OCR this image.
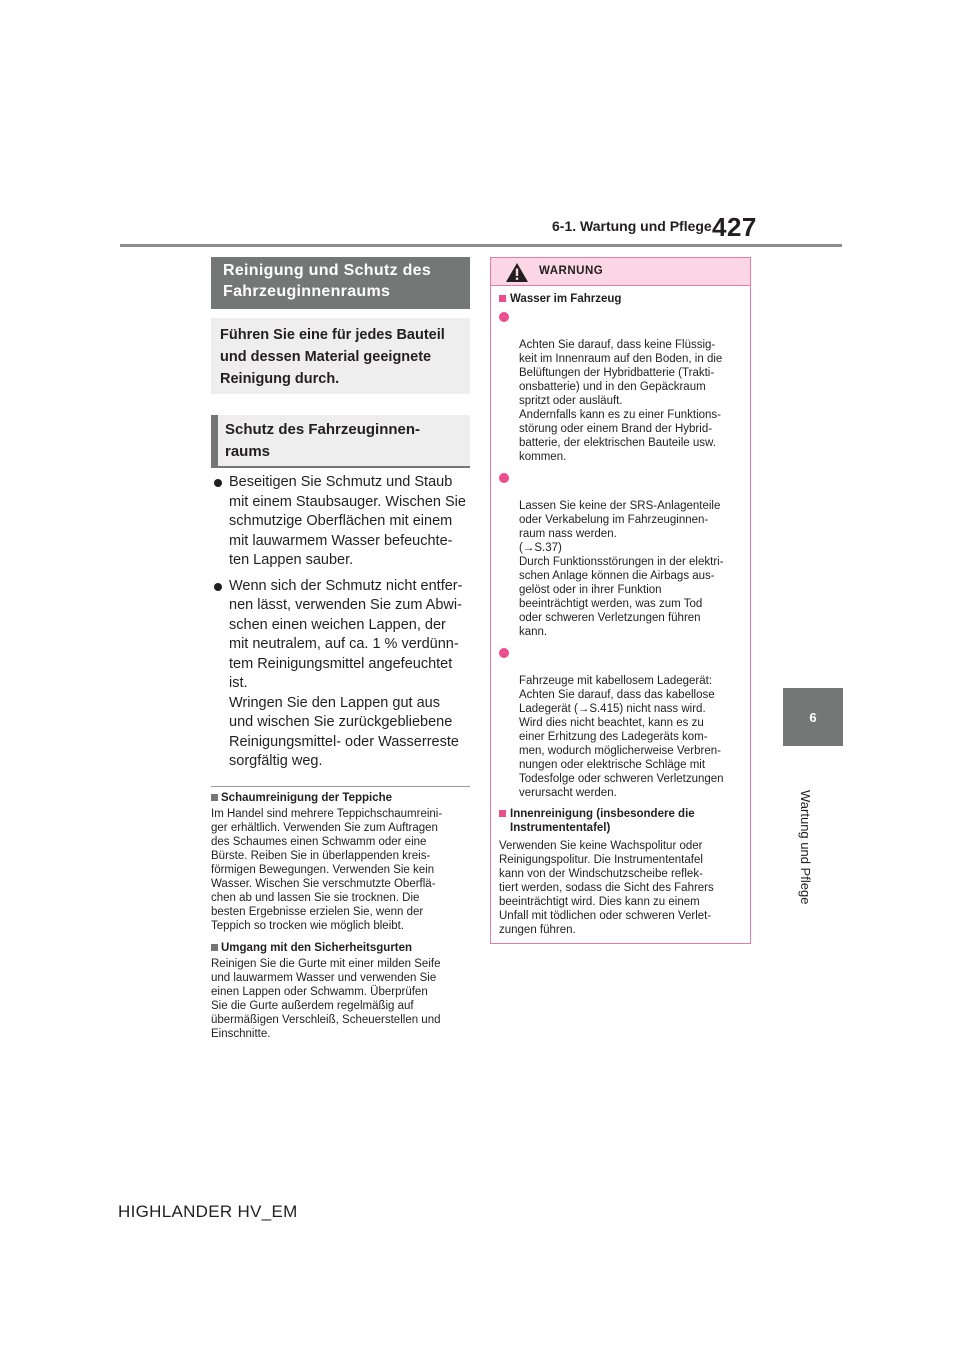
6-1. Wartung und Pflege 427
6
Wartung und Pflege
Reinigung und Schutz des Fahrzeuginnenraums
Führen Sie eine für jedes Bauteil und dessen Material geeignete Reinigung durch.
Schutz des Fahrzeuginnen-
raums

Beseitigen Sie Schmutz und Staub
mit einem Staubsauger. Wischen Sie
schmutzige Oberflächen mit einem
mit lauwarmem Wasser befeuchte-
ten Lappen sauber.

Wenn sich der Schmutz nicht entfer-
nen lässt, verwenden Sie zum Abwi-
schen einen weichen Lappen, der
mit neutralem, auf ca. 1 % verdünn-
tem Reinigungsmittel angefeuchtet
ist.
Wringen Sie den Lappen gut aus
und wischen Sie zurückgebliebene
Reinigungsmittel- oder Wasserreste
sorgfältig weg.

Schaumreinigung der Teppiche
Im Handel sind mehrere Teppichschaumreini-
ger erhältlich. Verwenden Sie zum Auftragen
des Schaumes einen Schwamm oder eine
Bürste. Reiben Sie in überlappenden kreis-
förmigen Bewegungen. Verwenden Sie kein
Wasser. Wischen Sie verschmutzte Oberflä-
chen ab und lassen Sie sie trocknen. Die
besten Ergebnisse erzielen Sie, wenn der
Teppich so trocken wie möglich bleibt.
Umgang mit den Sicherheitsgurten
Reinigen Sie die Gurte mit einer milden Seife
und lauwarmem Wasser und verwenden Sie
einen Lappen oder Schwamm. Überprüfen
Sie die Gurte außerdem regelmäßig auf
übermäßigen Verschleiß, Scheuerstellen und
Einschnitte.
WARNUNG
Wasser im Fahrzeug

Achten Sie darauf, dass keine Flüssig-
keit im Innenraum auf den Boden, in die
Belüftungen der Hybridbatterie (Trakti-
onsbatterie) und in den Gepäckraum
spritzt oder ausläuft.
Andernfalls kann es zu einer Funktions-
störung oder einem Brand der Hybrid-
batterie, der elektrischen Bauteile usw.
kommen.

Lassen Sie keine der SRS-Anlagenteile
oder Verkabelung im Fahrzeuginnen-
raum nass werden.
(→S.37)
Durch Funktionsstörungen in der elektri-
schen Anlage können die Airbags aus-
gelöst oder in ihrer Funktion
beeinträchtigt werden, was zum Tod
oder schweren Verletzungen führen
kann.

Fahrzeuge mit kabellosem Ladegerät:
Achten Sie darauf, dass das kabellose
Ladegerät (→S.415) nicht nass wird.
Wird dies nicht beachtet, kann es zu
einer Erhitzung des Ladegeräts kom-
men, wodurch möglicherweise Verbren-
nungen oder elektrische Schläge mit
Todesfolge oder schweren Verletzungen
verursacht werden.

Innenreinigung (insbesondere die Instrumententafel)
Verwenden Sie keine Wachspolitur oder
Reinigungspolitur. Die Instrumententafel
kann von der Windschutzscheibe reflek-
tiert werden, sodass die Sicht des Fahrers
beeinträchtigt wird. Dies kann zu einem
Unfall mit tödlichen oder schweren Verlet-
zungen führen.
HIGHLANDER HV_EM
